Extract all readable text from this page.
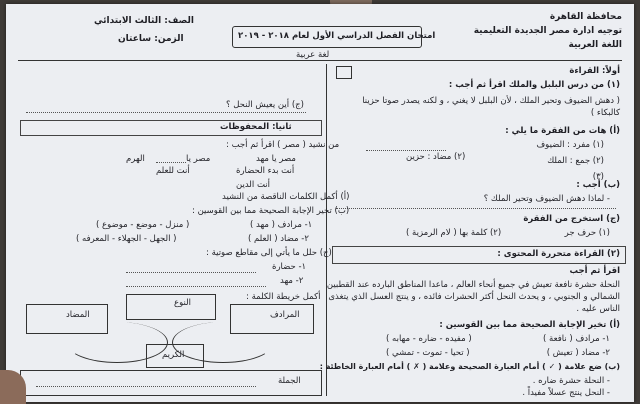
محافظة القاهرة
توجيه ادارة مصر الجديدة التعليمية
اللغة العربية
امتحان الفصل الدراسي الأول لعام ٢٠١٨ - ٢٠١٩
لغة عربية
الصف: الثالث الابتدائي
الزمن: ساعتان
أولاً: القراءة
(١) من درس البلبل والملك اقرأ ثم أجب :
( دهش الضيوف وتحير الملك ، لأن البلبل لا يغني ، و لكنه يصدر صوتا حزينا
كالبكاء )
(أ) هات من الفقرة ما يلي :
(١) مفرد : الضيوف
(٢) مضاد : حزين	(٢) جمع : الملك
(٣)
(ب) أجب :
- لماذا دهش الضيوف وتحير الملك ؟
(ج) استخرج من الفقرة
(١) حرف جر
(٢) كلمة بها ( لام الرمزية )
(٢) القراءة متحررة المحتوى :
اقرأ ثم أجب
النحلة حشرة نافعة تعيش في جميع أنحاء العالم ، ماعدا المناطق البارده عند القطبين
الشمالي و الجنوبي ، و يحدث النحل أكثر الحشرات فائده ، و ينتج العسل الذي يتغذى
الناس عليه .
(أ) تخير الإجابة الصحيحة مما بين القوسين :
١- مرادف ( نافعة )
( مفيده - ضاره - مهابه )
٢- مضاد ( تعيش )
( تحيا - تموت - تمشي )
(ب) ضع علامة ( ✓ ) أمام العبارة الصحيحة وعلامة ( ✗ ) أمام العبارة الخاطئة :
- النحلة حشرة ضاره .
- النحل ينتج عسلاً مفيداً .
(ج) أين يعيش النحل ؟
ثانيا: المحفوظات
من نشيد ( مصر ) اقرأ ثم أجب :
مصر يا مهد
مصر يا
الهرم
أنت بدء الحضارة
أنت للعلم
أنت الدين
(أ) أكمل الكلمات الناقصة من النشيد
(ب) تخير الإجابة الصحيحة مما بين القوسين :
١- مرادف ( مهد )
( منزل - موضع - موضوع )
٢- مضاد ( العلم )
( الجهل - الجهلاء - المعرفه )
(ج) حلل ما يأتي إلى مقاطع صوتية :
١- حضارة
٢- مهد
أكمل خريطة الكلمة :
المضاد
النوع
المرادف
الكريم
الجملة
